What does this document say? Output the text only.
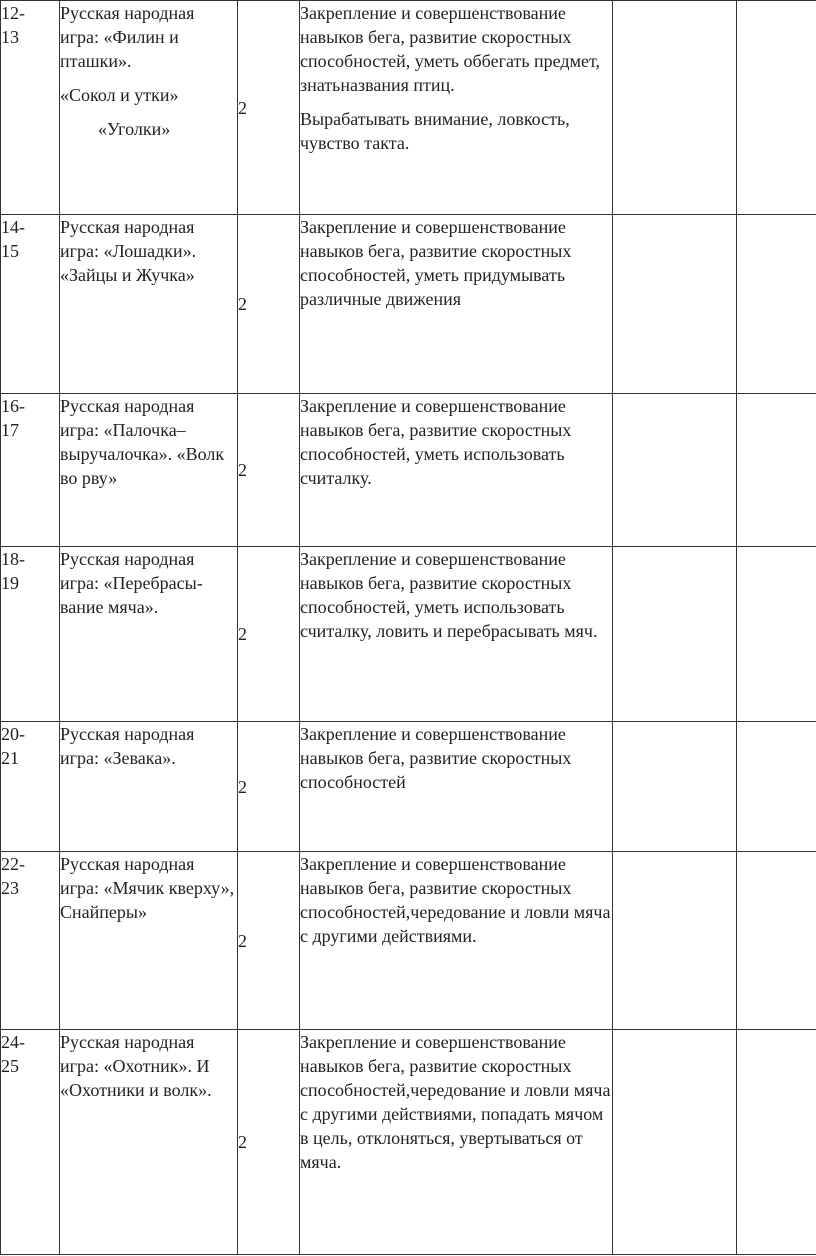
12-
13	Русская народная игра: «Филин и пташки».
«Сокол и утки»
«Уголки»	2	Закрепление и совершенствование навыков бега, развитие скоростных способностей, уметь оббегать предмет, знатьназвания птиц.
Вырабатывать внимание, ловкость, чувство такта.		

14-
15	Русская народная игра: «Лошадки». «Зайцы и Жучка»	2	Закрепление и совершенствование навыков бега, развитие скоростных способностей, уметь придумывать различные движения		
16-
17	Русская народная игра: «Палочка– выручалочка». «Волк во рву»	2	Закрепление и совершенствование навыков бега, развитие скоростных способностей, уметь использовать считалку.		
18-
19	Русская народная игра: «Перебрасы-вание мяча».	2	Закрепление и совершенствование навыков бега, развитие скоростных способностей, уметь использовать считалку, ловить и перебрасывать мяч.		
20-
21	Русская народная игра: «Зевака».	2	Закрепление и совершенствование навыков бега, развитие скоростных способностей		
22-
23	Русская народная игра: «Мячик кверху», Снайперы»	2	Закрепление и совершенствование навыков бега, развитие скоростных способностей,чередование и ловли мяча с другими действиями.		
24-
25	Русская народная игра: «Охотник». И «Охотники и волк».	2	Закрепление и совершенствование навыков бега, развитие скоростных способностей,чередование и ловли мяча с другими действиями, попадать мячом в цель, отклоняться, увертываться от мяча.		
